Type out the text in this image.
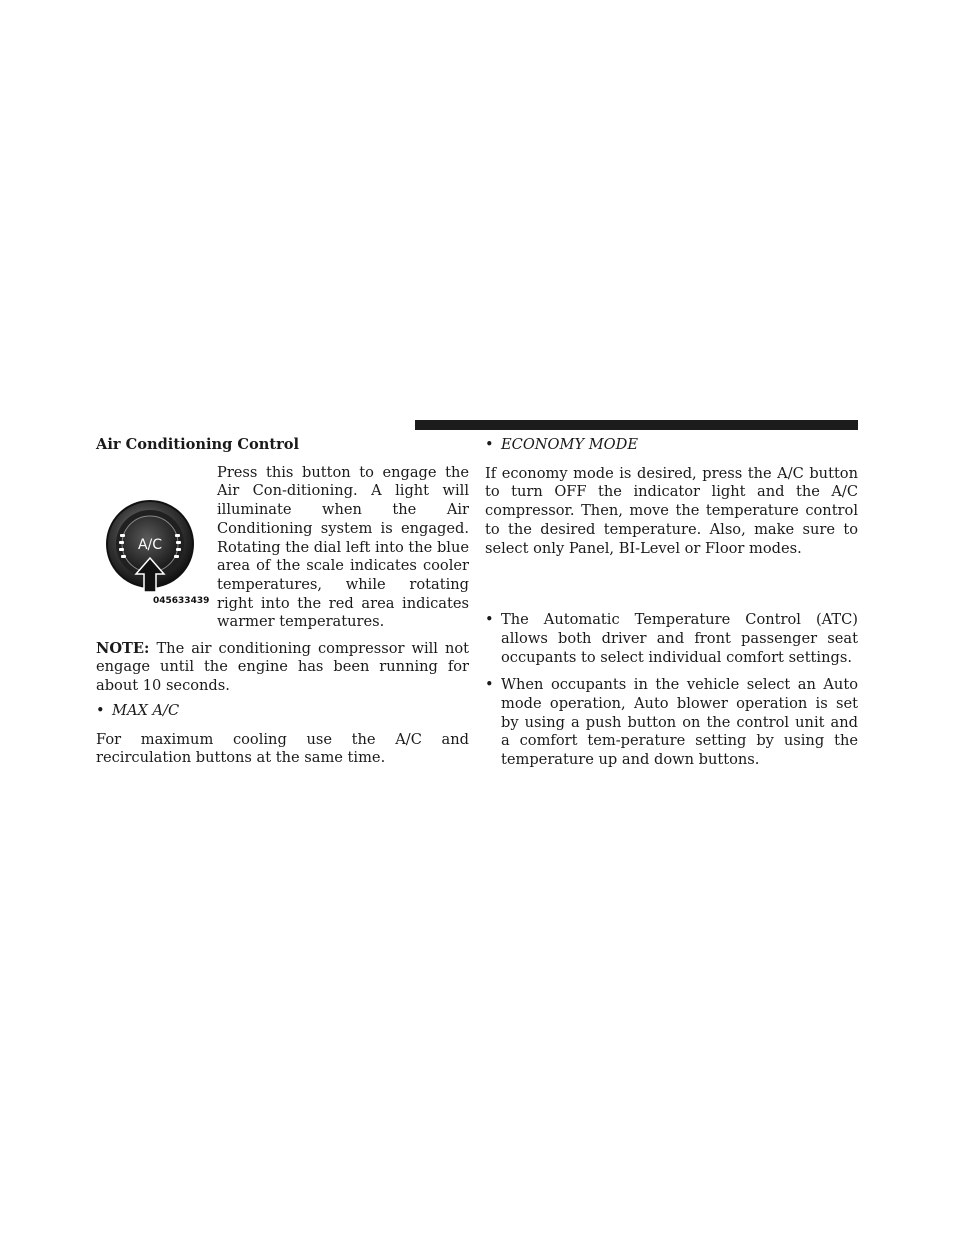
Air Conditioning Control

A/C
045633439

Press this button to engage the Air Con-ditioning. A light will illuminate when the Air Conditioning system is engaged. Rotating the dial left into the blue area of the scale indicates cooler temperatures, while rotating right into the red area indicates warmer temperatures.

NOTE: The air conditioning compressor will not engage until the engine has been running for about 10 seconds.

• MAX A/C

For maximum cooling use the A/C and recirculation buttons at the same time.

• ECONOMY MODE

If economy mode is desired, press the A/C button to turn OFF the indicator light and the A/C compressor. Then, move the temperature control to the desired temperature. Also, make sure to select only Panel, BI-Level or Floor modes.

• The Automatic Temperature Control (ATC) allows both driver and front passenger seat occupants to select individual comfort settings.
• When occupants in the vehicle select an Auto mode operation, Auto blower operation is set by using a push button on the control unit and a comfort tem-perature setting by using the temperature up and down buttons.
